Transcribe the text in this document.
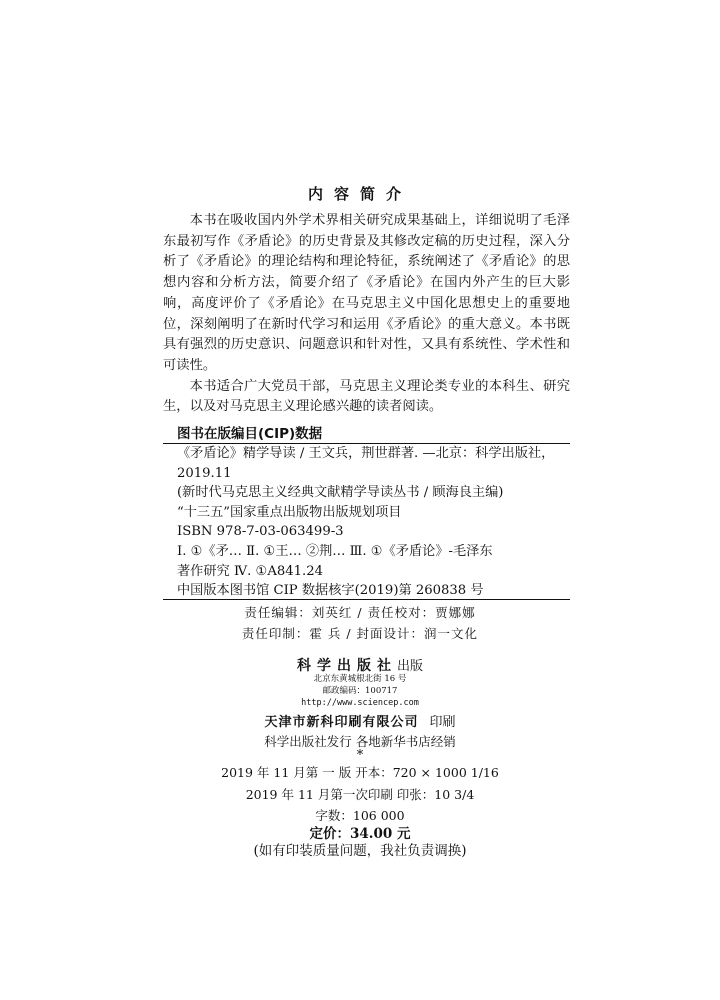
内容简介

本书在吸收国内外学术界相关研究成果基础上，详细说明了毛泽东最初写作《矛盾论》的历史背景及其修改定稿的历史过程，深入分析了《矛盾论》的理论结构和理论特征，系统阐述了《矛盾论》的思想内容和分析方法，简要介绍了《矛盾论》在国内外产生的巨大影响，高度评价了《矛盾论》在马克思主义中国化思想史上的重要地位，深刻阐明了在新时代学习和运用《矛盾论》的重大意义。本书既具有强烈的历史意识、问题意识和针对性，又具有系统性、学术性和可读性。

本书适合广大党员干部，马克思主义理论类专业的本科生、研究生，以及对马克思主义理论感兴趣的读者阅读。

图书在版编目(CIP)数据
《矛盾论》精学导读 / 王文兵，荆世群著. —北京：科学出版社，
2019.11
(新时代马克思主义经典文献精学导读丛书 / 顾海良主编)
“十三五”国家重点出版物出版规划项目
ISBN 978-7-03-063499-3
Ⅰ. ①《矛… Ⅱ. ①王… ②荆… Ⅲ. ①《矛盾论》-毛泽东
著作研究 Ⅳ. ①A841.24
中国版本图书馆 CIP 数据核字(2019)第 260838 号
责任编辑：刘英红 / 责任校对：贾娜娜
责任印制：霍 兵 / 封面设计：润一文化
科学出版社出版
北京东黄城根北街 16 号
邮政编码：100717
http://www.sciencep.com
天津市新科印刷有限公司 印刷
科学出版社发行 各地新华书店经销
*
2019 年 11 月第 一 版 开本：720 × 1000 1/16
2019 年 11 月第一次印刷 印张：10 3/4
字数：106 000
定价：34.00 元
(如有印装质量问题，我社负责调换)
